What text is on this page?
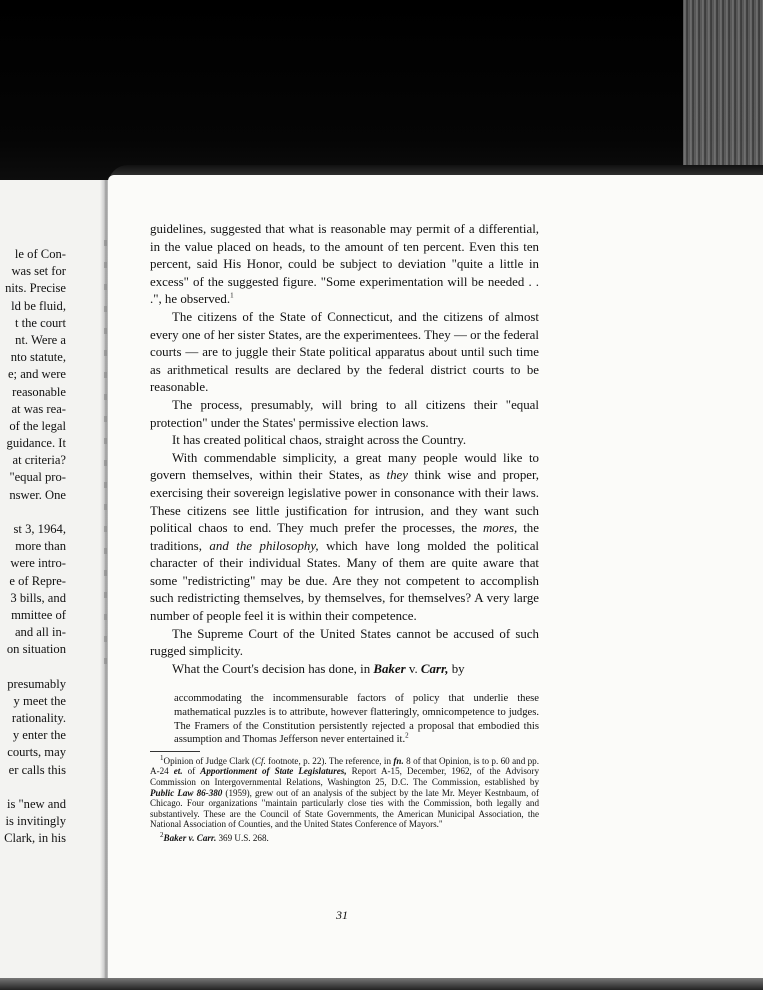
le of Con-
was set for
nits. Precise
ld be fluid,
t the court
nt. Were a
nto statute,
e; and were
reasonable
at was rea-
of the legal
guidance. It
at criteria?
"equal pro-
nswer. One
st 3, 1964,
more than
were intro-
e of Repre-
3 bills, and
mmittee of
and all in-
on situation
presumably
y meet the
rationality.
y enter the
courts, may
er calls this
is "new and
is invitingly
Clark, in his

guidelines, suggested that what is reasonable may permit of a differential, in the value placed on heads, to the amount of ten percent. Even this ten percent, said His Honor, could be subject to deviation "quite a little in excess" of the suggested figure. "Some experimentation will be needed . . .", he observed.$^1$

The citizens of the State of Connecticut, and the citizens of almost every one of her sister States, are the experimentees. They — or the federal courts — are to juggle their State political apparatus about until such time as arithmetical results are declared by the federal district courts to be reasonable.

The process, presumably, will bring to all citizens their "equal protection" under the States' permissive election laws.

It has created political chaos, straight across the Country.

With commendable simplicity, a great many people would like to govern themselves, within their States, as they think wise and proper, exercising their sovereign legislative power in consonance with their laws. These citizens see little justification for intrusion, and they want such political chaos to end. They much prefer the processes, the mores, the traditions, and the philosophy, which have long molded the political character of their individual States. Many of them are quite aware that some "redistricting" may be due. Are they not competent to accomplish such redistricting themselves, by themselves, for themselves? A very large number of people feel it is within their competence.

The Supreme Court of the United States cannot be accused of such rugged simplicity.

What the Court's decision has done, in Baker v. Carr, by

accommodating the incommensurable factors of policy that underlie these mathematical puzzles is to attribute, however flatteringly, omnicompetence to judges. The Framers of the Constitution persistently rejected a proposal that embodied this assumption and Thomas Jefferson never entertained it.$^2$

$^1$Opinion of Judge Clark (Cf. footnote, p. 22). The reference, in fn. 8 of that Opinion, is to p. 60 and pp. A-24 et. of Apportionment of State Legislatures, Report A-15, December, 1962, of the Advisory Commission on Intergovernmental Relations, Washington 25, D.C. The Commission, established by Public Law 86-380 (1959), grew out of an analysis of the subject by the late Mr. Meyer Kestnbaum, of Chicago. Four organizations "maintain particularly close ties with the Commission, both legally and substantively. These are the Council of State Governments, the American Municipal Association, the National Association of Counties, and the United States Conference of Mayors."

$^2$Baker v. Carr. 369 U.S. 268.

31
